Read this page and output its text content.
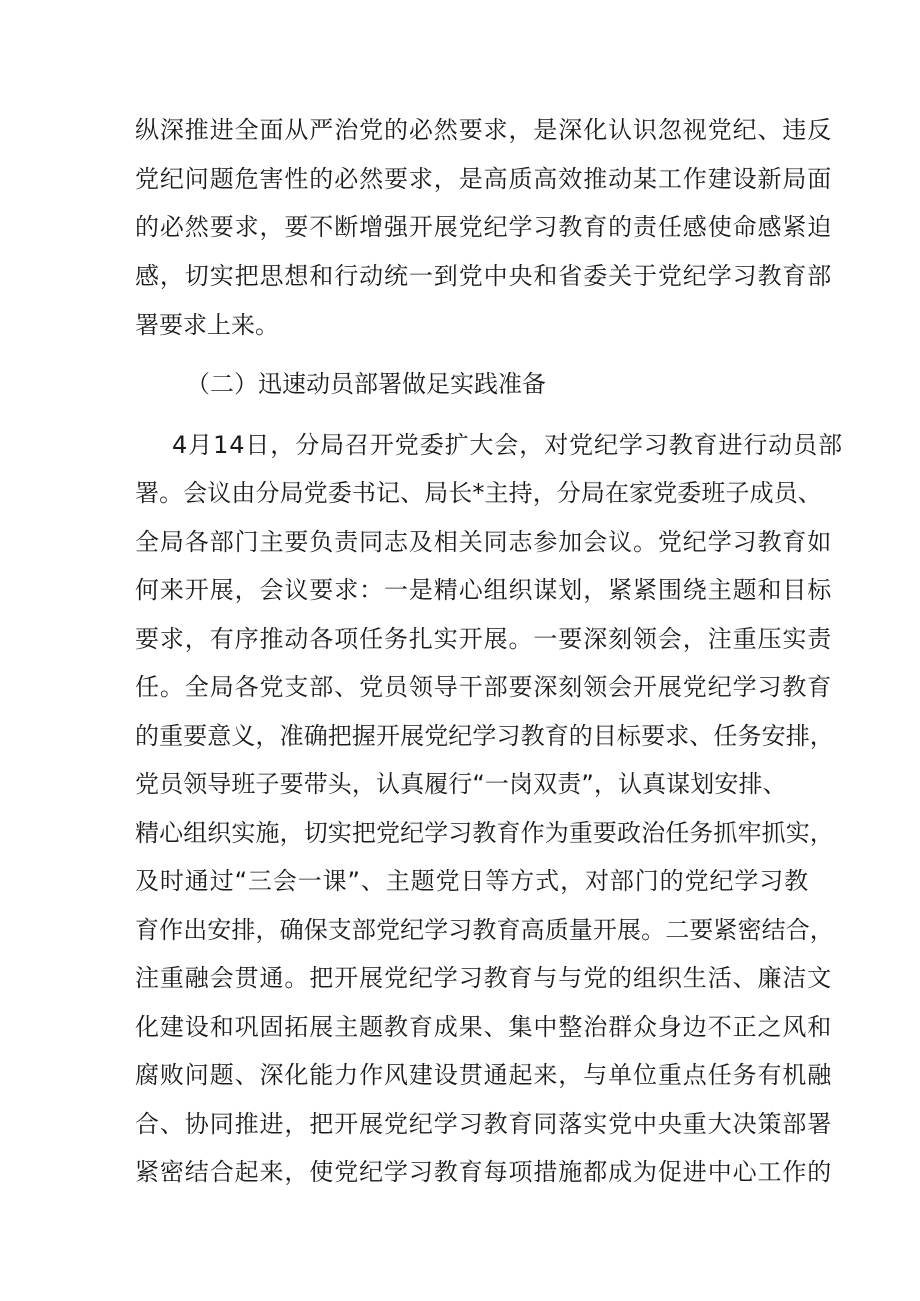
纵深推进全面从严治党的必然要求，是深化认识忽视党纪、违反
党纪问题危害性的必然要求，是高质高效推动某工作建设新局面
的必然要求，要不断增强开展党纪学习教育的责任感使命感紧迫
感，切实把思想和行动统一到党中央和省委关于党纪学习教育部
署要求上来。
（二）迅速动员部署做足实践准备
4月14日，分局召开党委扩大会，对党纪学习教育进行动员部
署。会议由分局党委书记、局长*主持，分局在家党委班子成员、
全局各部门主要负责同志及相关同志参加会议。党纪学习教育如
何来开展，会议要求：一是精心组织谋划，紧紧围绕主题和目标
要求，有序推动各项任务扎实开展。一要深刻领会，注重压实责
任。全局各党支部、党员领导干部要深刻领会开展党纪学习教育
的重要意义，准确把握开展党纪学习教育的目标要求、任务安排，
党员领导班子要带头，认真履行“一岗双责”，认真谋划安排、
精心组织实施，切实把党纪学习教育作为重要政治任务抓牢抓实，
及时通过“三会一课”、主题党日等方式，对部门的党纪学习教
育作出安排，确保支部党纪学习教育高质量开展。二要紧密结合，
注重融会贯通。把开展党纪学习教育与与党的组织生活、廉洁文
化建设和巩固拓展主题教育成果、集中整治群众身边不正之风和
腐败问题、深化能力作风建设贯通起来，与单位重点任务有机融
合、协同推进，把开展党纪学习教育同落实党中央重大决策部署
紧密结合起来，使党纪学习教育每项措施都成为促进中心工作的
